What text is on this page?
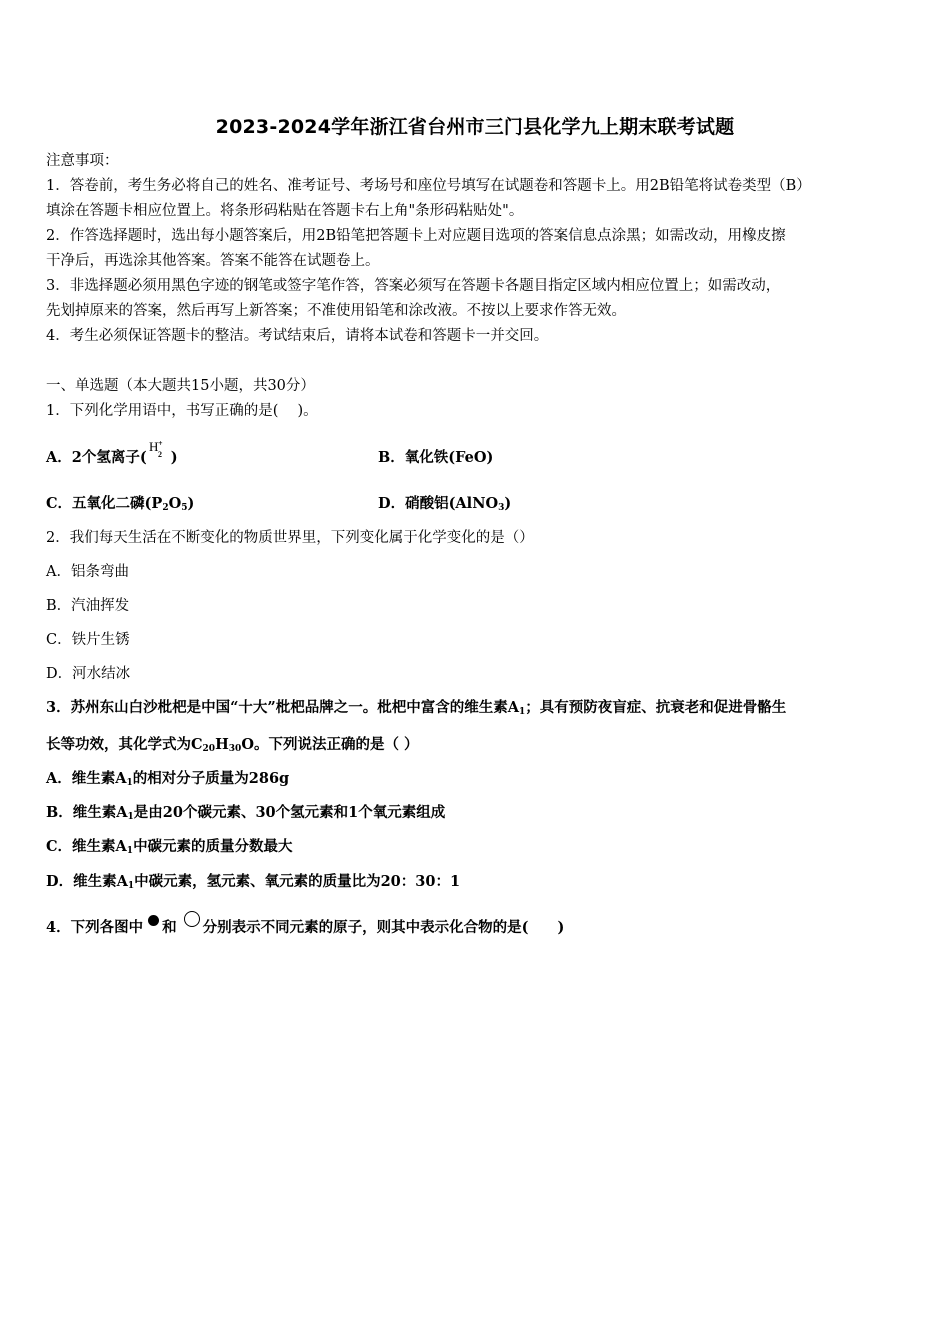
2023-2024学年浙江省台州市三门县化学九上期末联考试题
注意事项：
1．答卷前，考生务必将自己的姓名、准考证号、考场号和座位号填写在试题卷和答题卡上。用2B铅笔将试卷类型（B）
填涂在答题卡相应位置上。将条形码粘贴在答题卡右上角"条形码粘贴处"。
2．作答选择题时，选出每小题答案后，用2B铅笔把答题卡上对应题目选项的答案信息点涂黑；如需改动，用橡皮擦
干净后，再选涂其他答案。答案不能答在试题卷上。
3．非选择题必须用黑色字迹的钢笔或签字笔作答，答案必须写在答题卡各题目指定区域内相应位置上；如需改动，
先划掉原来的答案，然后再写上新答案；不准使用铅笔和涂改液。不按以上要求作答无效。
4．考生必须保证答题卡的整洁。考试结束后，请将本试卷和答题卡一并交回。
一、单选题（本大题共15小题，共30分）
1．下列化学用语中，书写正确的是(　 )。
A．2个氢离子(
H +
2 )	B．氧化铁(FeO)
C．五氧化二磷$(P_2O_5)$	D．硝酸铝(AlNO$_3$)
2．我们每天生活在不断变化的物质世界里，下列变化属于化学变化的是（）
A．铝条弯曲
B．汽油挥发
C．铁片生锈
D．河水结冰
3．苏州东山白沙枇杷是中国“十大”枇杷品牌之一。枇杷中富含的维生素$A_1$；具有预防夜盲症、抗衰老和促进骨骼生
长等功效，其化学式为$C_{20}H_{30}O$。下列说法正确的是（ ）
A．维生素$A_1$的相对分子质量为286g
B．维生素$A_1$是由20个碳元素、30个氢元素和1个氧元素组成
C．维生素$A_1$中碳元素的质量分数最大
D．维生素$A_1$中碳元素，氢元素、氧元素的质量比为20：30：1
4．下列各图中 和 分别表示不同元素的原子，则其中表示化合物的是(　　)
